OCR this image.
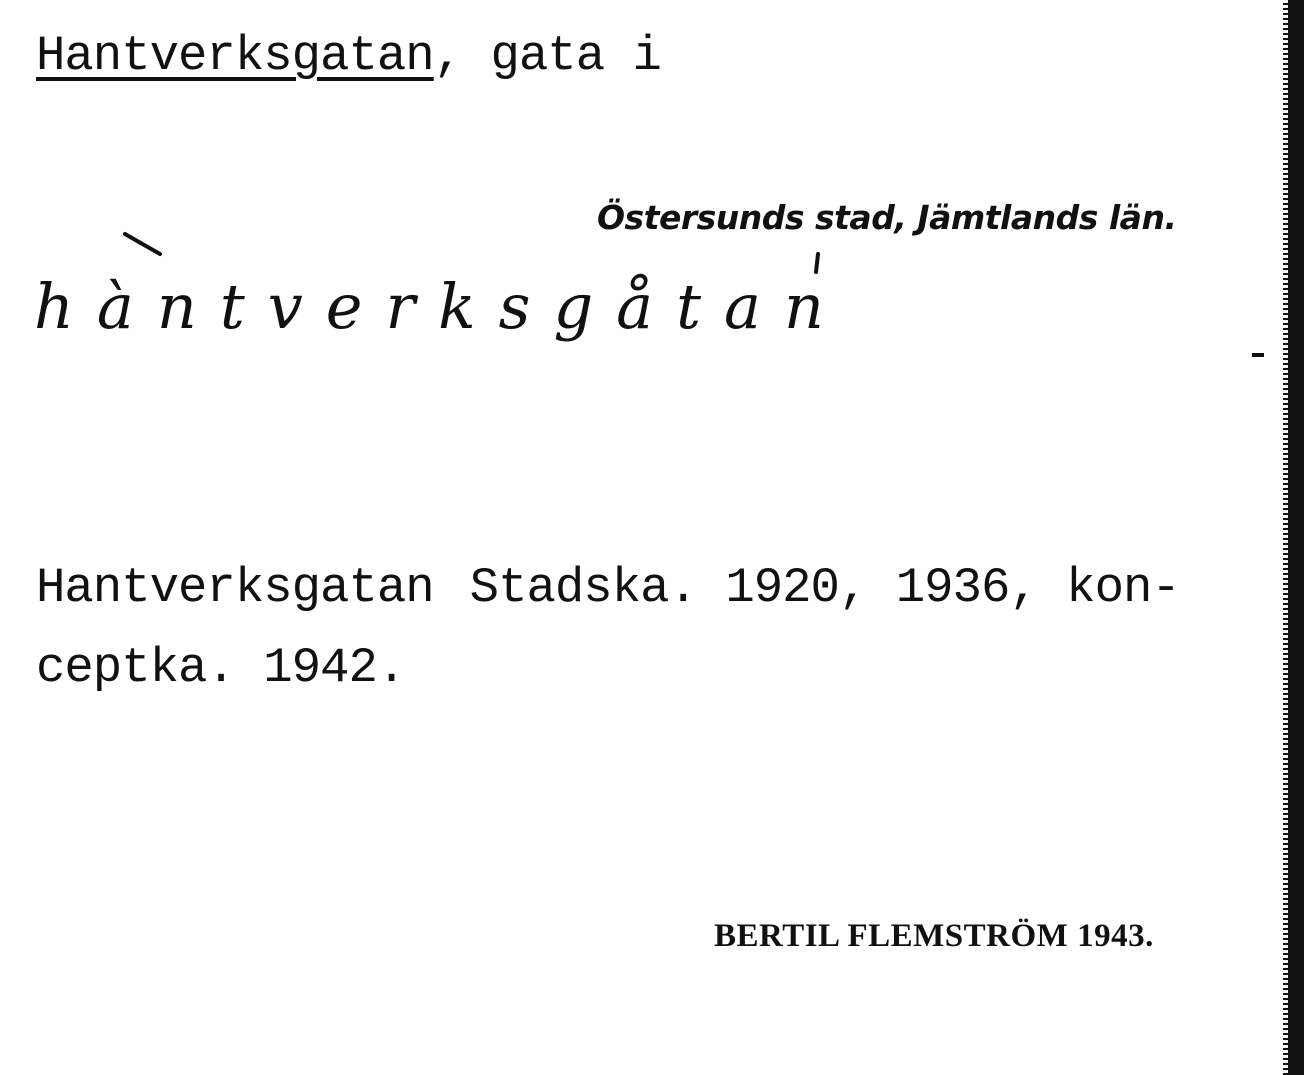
Hantverksgatan, gata i
Östersunds stad, Jämtlands län.
hàntverksgåtan
Hantverksgatan Stadska. 1920, 1936, kon-
ceptka. 1942.
BERTIL FLEMSTRÖM 1943.
